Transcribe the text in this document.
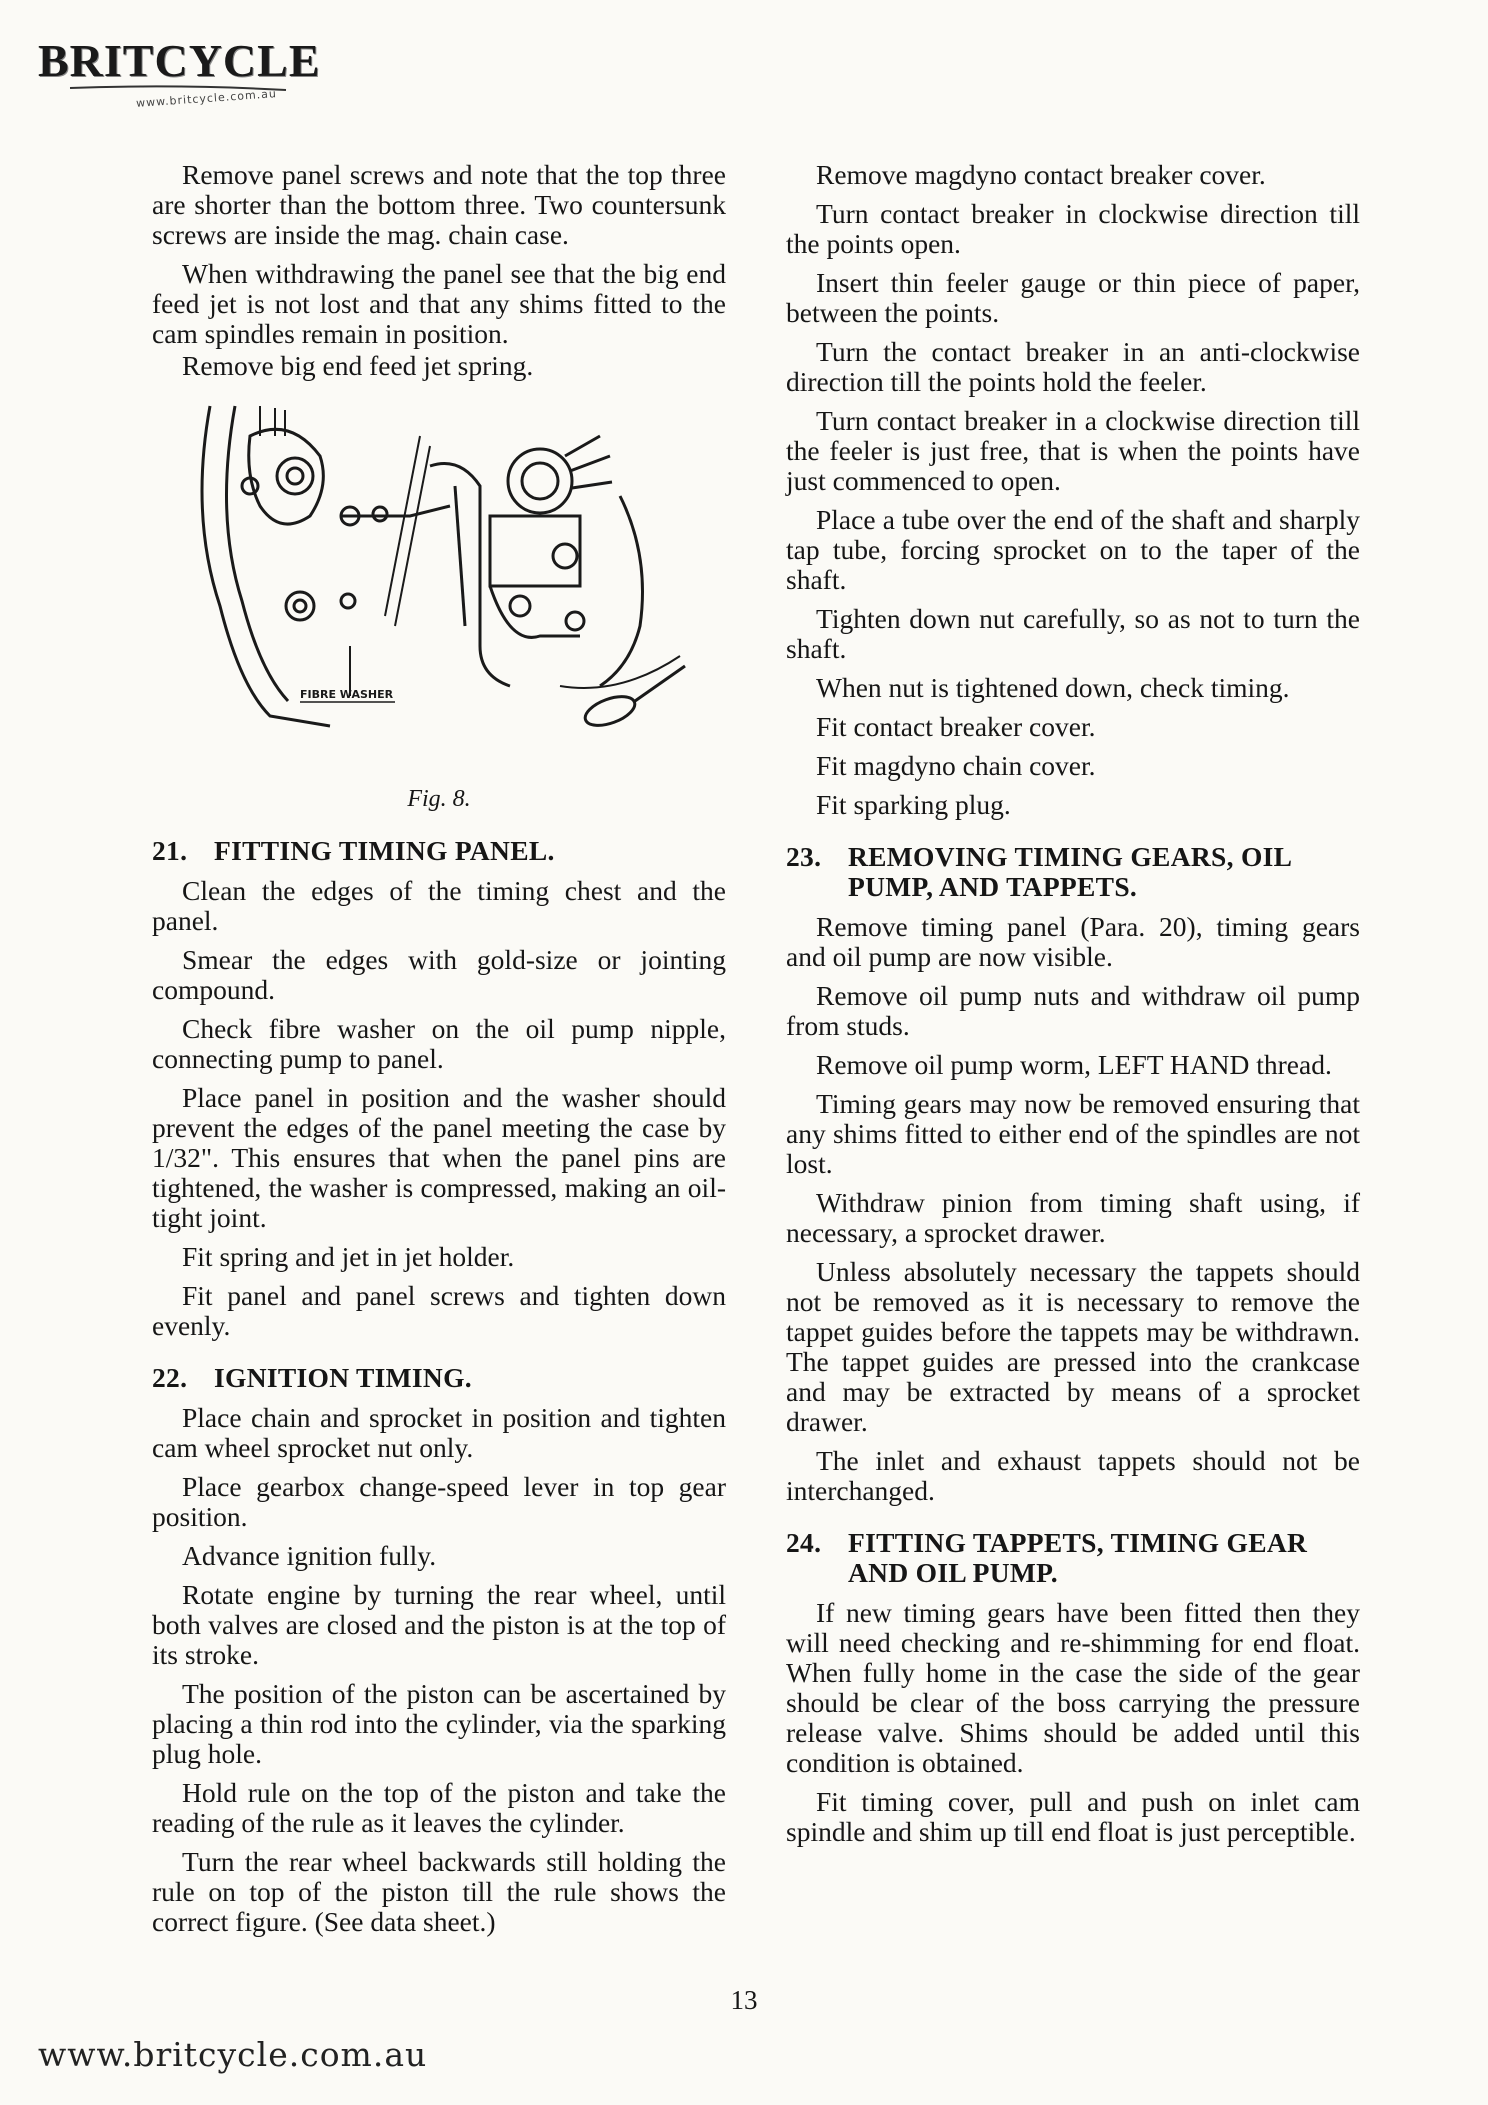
BRITCYCLE
www.britcycle.com.au

Remove panel screws and note that the top three are shorter than the bottom three. Two countersunk screws are inside the mag. chain case.

When withdrawing the panel see that the big end feed jet is not lost and that any shims fitted to the cam spindles remain in position.

Remove big end feed jet spring.

FIBRE WASHER
Fig. 8.
21. FITTING TIMING PANEL.

Clean the edges of the timing chest and the panel.

Smear the edges with gold-size or jointing compound.

Check fibre washer on the oil pump nipple, connecting pump to panel.

Place panel in position and the washer should prevent the edges of the panel meeting the case by 1/32". This ensures that when the panel pins are tightened, the washer is compressed, making an oil-tight joint.

Fit spring and jet in jet holder.

Fit panel and panel screws and tighten down evenly.

22. IGNITION TIMING.

Place chain and sprocket in position and tighten cam wheel sprocket nut only.

Place gearbox change-speed lever in top gear position.

Advance ignition fully.

Rotate engine by turning the rear wheel, until both valves are closed and the piston is at the top of its stroke.

The position of the piston can be ascertained by placing a thin rod into the cylinder, via the sparking plug hole.

Hold rule on the top of the piston and take the reading of the rule as it leaves the cylinder.

Turn the rear wheel backwards still holding the rule on top of the piston till the rule shows the correct figure. (See data sheet.)

Remove magdyno contact breaker cover.

Turn contact breaker in clockwise direction till the points open.

Insert thin feeler gauge or thin piece of paper, between the points.

Turn the contact breaker in an anti-clockwise direction till the points hold the feeler.

Turn contact breaker in a clockwise direction till the feeler is just free, that is when the points have just commenced to open.

Place a tube over the end of the shaft and sharply tap tube, forcing sprocket on to the taper of the shaft.

Tighten down nut carefully, so as not to turn the shaft.

When nut is tightened down, check timing.

Fit contact breaker cover.

Fit magdyno chain cover.

Fit sparking plug.

23. REMOVING TIMING GEARS, OIL PUMP, AND TAPPETS.

Remove timing panel (Para. 20), timing gears and oil pump are now visible.

Remove oil pump nuts and withdraw oil pump from studs.

Remove oil pump worm, LEFT HAND thread.

Timing gears may now be removed ensuring that any shims fitted to either end of the spindles are not lost.

Withdraw pinion from timing shaft using, if necessary, a sprocket drawer.

Unless absolutely necessary the tappets should not be removed as it is necessary to remove the tappet guides before the tappets may be withdrawn. The tappet guides are pressed into the crankcase and may be extracted by means of a sprocket drawer.

The inlet and exhaust tappets should not be interchanged.

24. FITTING TAPPETS, TIMING GEAR AND OIL PUMP.

If new timing gears have been fitted then they will need checking and re-shimming for end float. When fully home in the case the side of the gear should be clear of the boss carrying the pressure release valve. Shims should be added until this condition is obtained.

Fit timing cover, pull and push on inlet cam spindle and shim up till end float is just perceptible.

13
www.britcycle.com.au
